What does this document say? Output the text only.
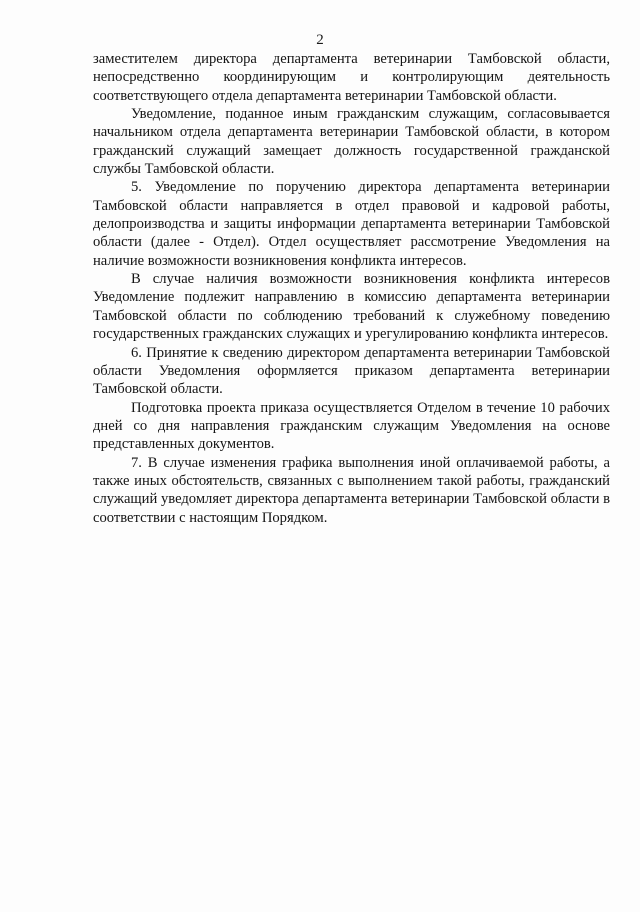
2

заместителем директора департамента ветеринарии Тамбовской области, непосредственно координирующим и контролирующим деятельность соответствующего отдела департамента ветеринарии Тамбовской области.

Уведомление, поданное иным гражданским служащим, согласовывается начальником отдела департамента ветеринарии Тамбовской области, в котором гражданский служащий замещает должность государственной гражданской службы Тамбовской области.

5. Уведомление по поручению директора департамента ветеринарии Тамбовской области направляется в отдел правовой и кадровой работы, делопроизводства и защиты информации департамента ветеринарии Тамбовской области (далее - Отдел). Отдел осуществляет рассмотрение Уведомления на наличие возможности возникновения конфликта интересов.

В случае наличия возможности возникновения конфликта интересов Уведомление подлежит направлению в комиссию департамента ветеринарии Тамбовской области по соблюдению требований к служебному поведению государственных гражданских служащих и урегулированию конфликта интересов.

6. Принятие к сведению директором департамента ветеринарии Тамбовской области Уведомления оформляется приказом департамента ветеринарии Тамбовской области.

Подготовка проекта приказа осуществляется Отделом в течение 10 рабочих дней со дня направления гражданским служащим Уведомления на основе представленных документов.

7. В случае изменения графика выполнения иной оплачиваемой работы, а также иных обстоятельств, связанных с выполнением такой работы, гражданский служащий уведомляет директора департамента ветеринарии Тамбовской области в соответствии с настоящим Порядком.
